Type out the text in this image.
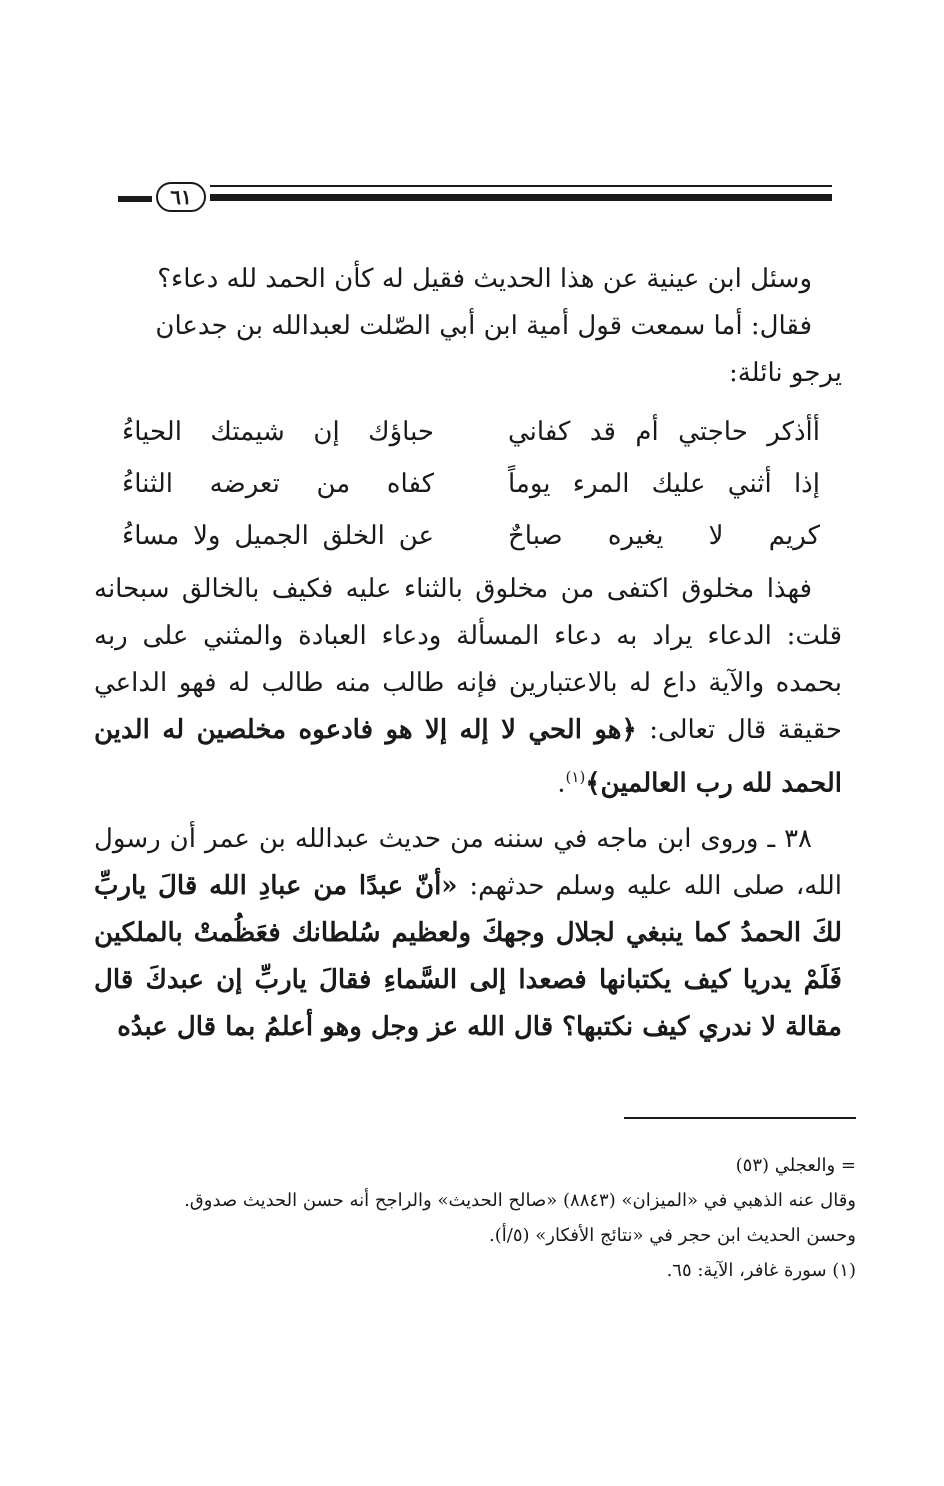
٦١

وسئل ابن عينية عن هذا الحديث فقيل له كأن الحمد لله دعاء؟

فقال: أما سمعت قول أمية ابن أبي الصّلت لعبدالله بن جدعان

يرجو نائلة:

أأذكر حاجتي أم قد كفاني
حباؤك إن شيمتك الحياءُ
إذا أثني عليك المرء يوماً
كفاه من تعرضه الثناءُ
كريم لا يغيره صباحٌ
عن الخلق الجميل ولا مساءُ

فهذا مخلوق اكتفى من مخلوق بالثناء عليه فكيف بالخالق سبحانه قلت: الدعاء يراد به دعاء المسألة ودعاء العبادة والمثني على ربه بحمده والآية داع له بالاعتبارين فإنه طالب منه طالب له فهو الداعي حقيقة قال تعالى: ﴿هو الحي لا إله إلا هو فادعوه مخلصين له الدين الحمد لله رب العالمين﴾$^{(١)}$.

٣٨ ـ وروى ابن ماجه في سننه من حديث عبدالله بن عمر أن رسول الله، صلى الله عليه وسلم حدثهم: «أنّ عبدًا من عبادِ الله قالَ ياربِّ لكَ الحمدُ كما ينبغي لجلال وجهكَ ولعظيم سُلطانك فعَظُمتْ بالملكين فَلَمْ يدريا كيف يكتبانها فصعدا إلى السَّماءِ فقالَ ياربِّ إن عبدكَ قال مقالة لا ندري كيف نكتبها؟ قال الله عز وجل وهو أعلمُ بما قال عبدُه

= والعجلي (٥٣)

وقال عنه الذهبي في «الميزان» (٨٨٤٣) «صالح الحديث» والراجح أنه حسن الحديث صدوق.

وحسن الحديث ابن حجر في «نتائج الأفكار» (٥/أ).

(١) سورة غافر، الآية: ٦٥.
